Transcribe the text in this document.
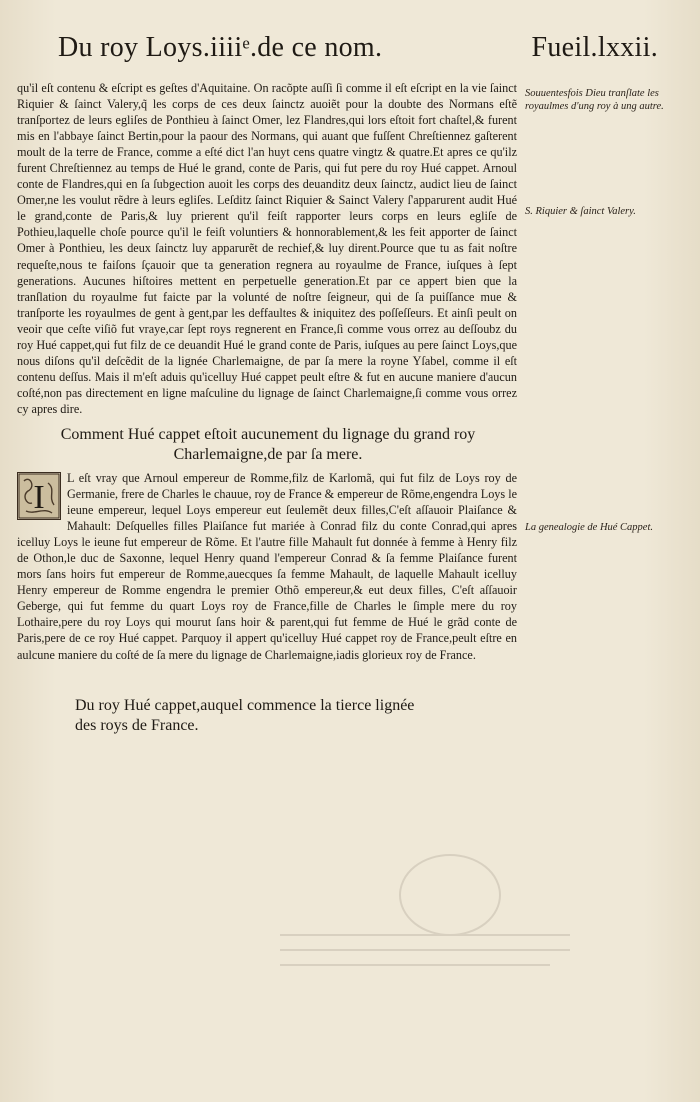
Du roy Loys.iiiiᵉ.de ce nom.	Fueil.lxxii.

qu'il eſt contenu & eſcript es geſtes d'Aquitaine. On racõpte auſſi ſi comme il eſt eſcript en la vie ſainct Riquier & ſainct Valery,q̃ les corps de ces deux ſainctz auoiẽt pour la doubte des Normans eſtẽ tranſportez de leurs egliſes de Ponthieu à ſainct Omer, lez Flandres,qui lors eſtoit fort chaſtel,& furent mis en l'abbaye ſainct Bertin,pour la paour des Normans, qui auant que fuſſent Chreſtiennez gaſterent moult de la terre de France, comme a eſté dict l'an huyt cens quatre vingtz & quatre.Et apres ce qu'ilz furent Chreſtiennez au temps de Hué le grand, conte de Paris, qui fut pere du roy Hué cappet. Arnoul conte de Flandres,qui en ſa ſubgection auoit les corps des deuanditz deux ſainctz, audict lieu de ſainct Omer,ne les voulut rẽdre à leurs egliſes. Leſditz ſainct Riquier & Sainct Valery ſ'apparurent audit Hué le grand,conte de Paris,& luy prierent qu'il feiſt rapporter leurs corps en leurs egliſe de Pothieu,laquelle choſe pource qu'il le feiſt voluntiers & honnorablement,& les feit apporter de ſainct Omer à Ponthieu, les deux ſainctz luy apparurẽt de rechief,& luy dirent.Pource que tu as fait noſtre requeſte,nous te faiſons ſçauoir que ta generation regnera au royaulme de France, iuſques à ſept generations. Aucunes hiſtoires mettent en perpetuelle generation.Et par ce appert bien que la tranſlation du royaulme fut faicte par la volunté de noſtre ſeigneur, qui de ſa puiſſance mue & tranſporte les royaulmes de gent à gent,par les deffaultes & iniquitez des poſſeſſeurs. Et ainſi peult on veoir que ceſte viſiõ fut vraye,car ſept roys regnerent en France,ſi comme vous orrez au deſſoubz du roy Hué cappet,qui fut filz de ce deuandit Hué le grand conte de Paris, iuſques au pere ſainct Loys,que nous diſons qu'il deſcẽdit de la lignée Charlemaigne, de par ſa mere la royne Yſabel, comme il eſt contenu deſſus. Mais il m'eſt aduis qu'icelluy Hué cappet peult eſtre & fut en aucune maniere d'aucun coſté,non pas directement en ligne maſculine du lignage de ſainct Charlemaigne,ſi comme vous orrez cy apres dire.

Souuentesfois Dieu tranſlate les royaulmes d'ung roy à ung autre.
S. Riquier & ſainct Valery.
Comment Hué cappet eſtoit aucunement du lignage du grand roy Charlemaigne,de par ſa mere.
I

L eſt vray que Arnoul empereur de Romme,filz de Karlomã, qui fut filz de Loys roy de Germanie, frere de Charles le chauue, roy de France & empereur de Rõme,engendra Loys le ieune empereur, lequel Loys empereur eut ſeulemẽt deux filles,C'eſt aſſauoir Plaiſance & Mahault: Deſquelles filles Plaiſance fut mariée à Conrad filz du conte Conrad,qui apres icelluy Loys le ieune fut empereur de Rõme. Et l'autre fille Mahault fut donnée à femme à Henry filz de Othon,le duc de Saxonne, lequel Henry quand l'empereur Conrad & ſa femme Plaiſance furent mors ſans hoirs fut empereur de Romme,auecques ſa femme Mahault, de laquelle Mahault icelluy Henry empereur de Romme engendra le premier Othõ empereur,& eut deux filles, C'eſt aſſauoir Geberge, qui fut femme du quart Loys roy de France,fille de Charles le ſimple mere du roy Lothaire,pere du roy Loys qui mourut ſans hoir & parent,qui fut femme de Hué le grãd conte de Paris,pere de ce roy Hué cappet. Parquoy il appert qu'icelluy Hué cappet roy de France,peult eſtre en aulcune maniere du coſté de ſa mere du lignage de Charlemaigne,iadis glorieux roy de France.

La genealogie de Hué Cappet.
Du roy Hué cappet,auquel commence la tierce lignée des roys de France.
